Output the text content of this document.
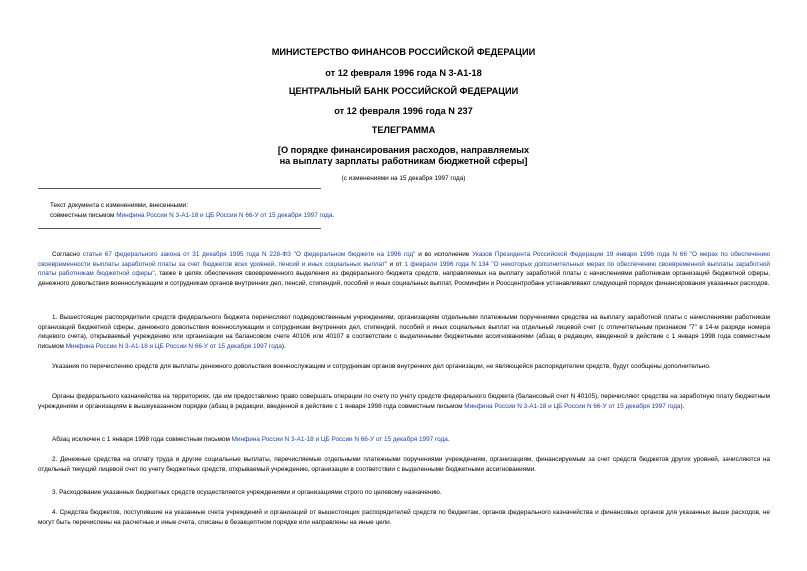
МИНИСТЕРСТВО ФИНАНСОВ РОССИЙСКОЙ ФЕДЕРАЦИИ
от 12 февраля 1996 года N 3-А1-18
ЦЕНТРАЛЬНЫЙ БАНК РОССИЙСКОЙ ФЕДЕРАЦИИ
от 12 февраля 1996 года N 237
ТЕЛЕГРАММА
[О порядке финансирования расходов, направляемых
на выплату зарплаты работникам бюджетной сферы]
(с изменениями на 15 декабря 1997 года)
Текст документа с изменениями, внесенными:
совместным письмом Минфина России N 3-А1-18 и ЦБ России N 66-У от 15 декабря 1997 года.

Согласно статье 67 федерального закона от 31 декабря 1995 года N 228-ФЗ "О федеральном бюджете на 1996 год" и во исполнение Указов Президента Российской Федерации 19 января 1996 года N 66 "О мерах по обеспечению своевременности выплаты заработной платы за счет бюджетов всех уровней, пенсий и иных социальных выплат" и от 1 февраля 1996 года N 134 "О некоторых дополнительных мерах по обеспечению своевременной выплаты заработной платы работникам бюджетной сферы", также в целях обеспечения своевременного выделения из федерального бюджета средств, направляемых на выплату заработной платы с начислениями работникам организаций бюджетной сферы, денежного довольствия военнослужащим и сотрудникам органов внутренних дел, пенсий, стипендий, пособий и иных социальных выплат, Росминфин и Роосцентробанк устанавливают следующий порядок финансирования указанных расходов.

1. Вышестоящие распорядители средств федерального бюджета перечисляют подведомственным учреждениям, организациям отдельными платежными поручениями средства на выплату заработной платы с начислениями работникам организаций бюджетной сферы, денежного довольствия военнослужащим и сотрудникам внутренних дел, стипендий, пособий и иных социальных выплат на отдельный лицевой счет (с отличительным признаком "7" в 14-м разряде номера лицевого счета), открываемый учреждению или организации на балансовом счете 40106 или 40107 в соответствии с выделенными бюджетными ассигнованиями (абзац в редакции, введенной в действие с 1 января 1998 года совместным письмом Минфина России N 3-А1-18 и ЦБ России N 66-У от 15 декабря 1997 года).

Указания по перечислению средств для выплаты денежного довольствия военнослужащим и сотрудникам органов внутренних дел организации, не являющейся распорядителем средств, будут сообщены дополнительно.

Органы федерального казначейства на территориях, где им предоставлено право совершать операции по счету по учету средств федерального бюджета (балансовый счет N 40105), перечисляют средства на заработную плату бюджетным учреждениям и организациям в вышеуказанном порядке (абзац в редакции, введенной в действие с 1 января 1998 года совместным письмом Минфина России N 3-А1-18 и ЦБ России N 66-У от 15 декабря 1997 года).

Абзац исключен с 1 января 1998 года совместным письмом Минфина России N 3-А1-18 и ЦБ России N 66-У от 15 декабря 1997 года.

2. Денежные средства на оплату труда и другие социальные выплаты, перечисляемые отдельными платежными поручениями учреждениям, организациям, финансируемым за счет средств бюджетов других уровней, зачисляются на отдельный текущий лицевой счет по учету бюджетных средств, открываемый учреждению, организации в соответствии с выделенными бюджетными ассигнованиями.

3. Расходование указанных бюджетных средств осуществляется учреждениями и организациями строго по целевому назначению.

4. Средства бюджетов, поступившие на указанные счета учреждений и организаций от вышестоящих распорядителей средств по бюджетам, органов федерального казначейства и финансовых органов для указанных выше расходов, не могут быть перечислены на расчетные и иные счета, списаны в безакцептном порядке или направлены на иные цели.
